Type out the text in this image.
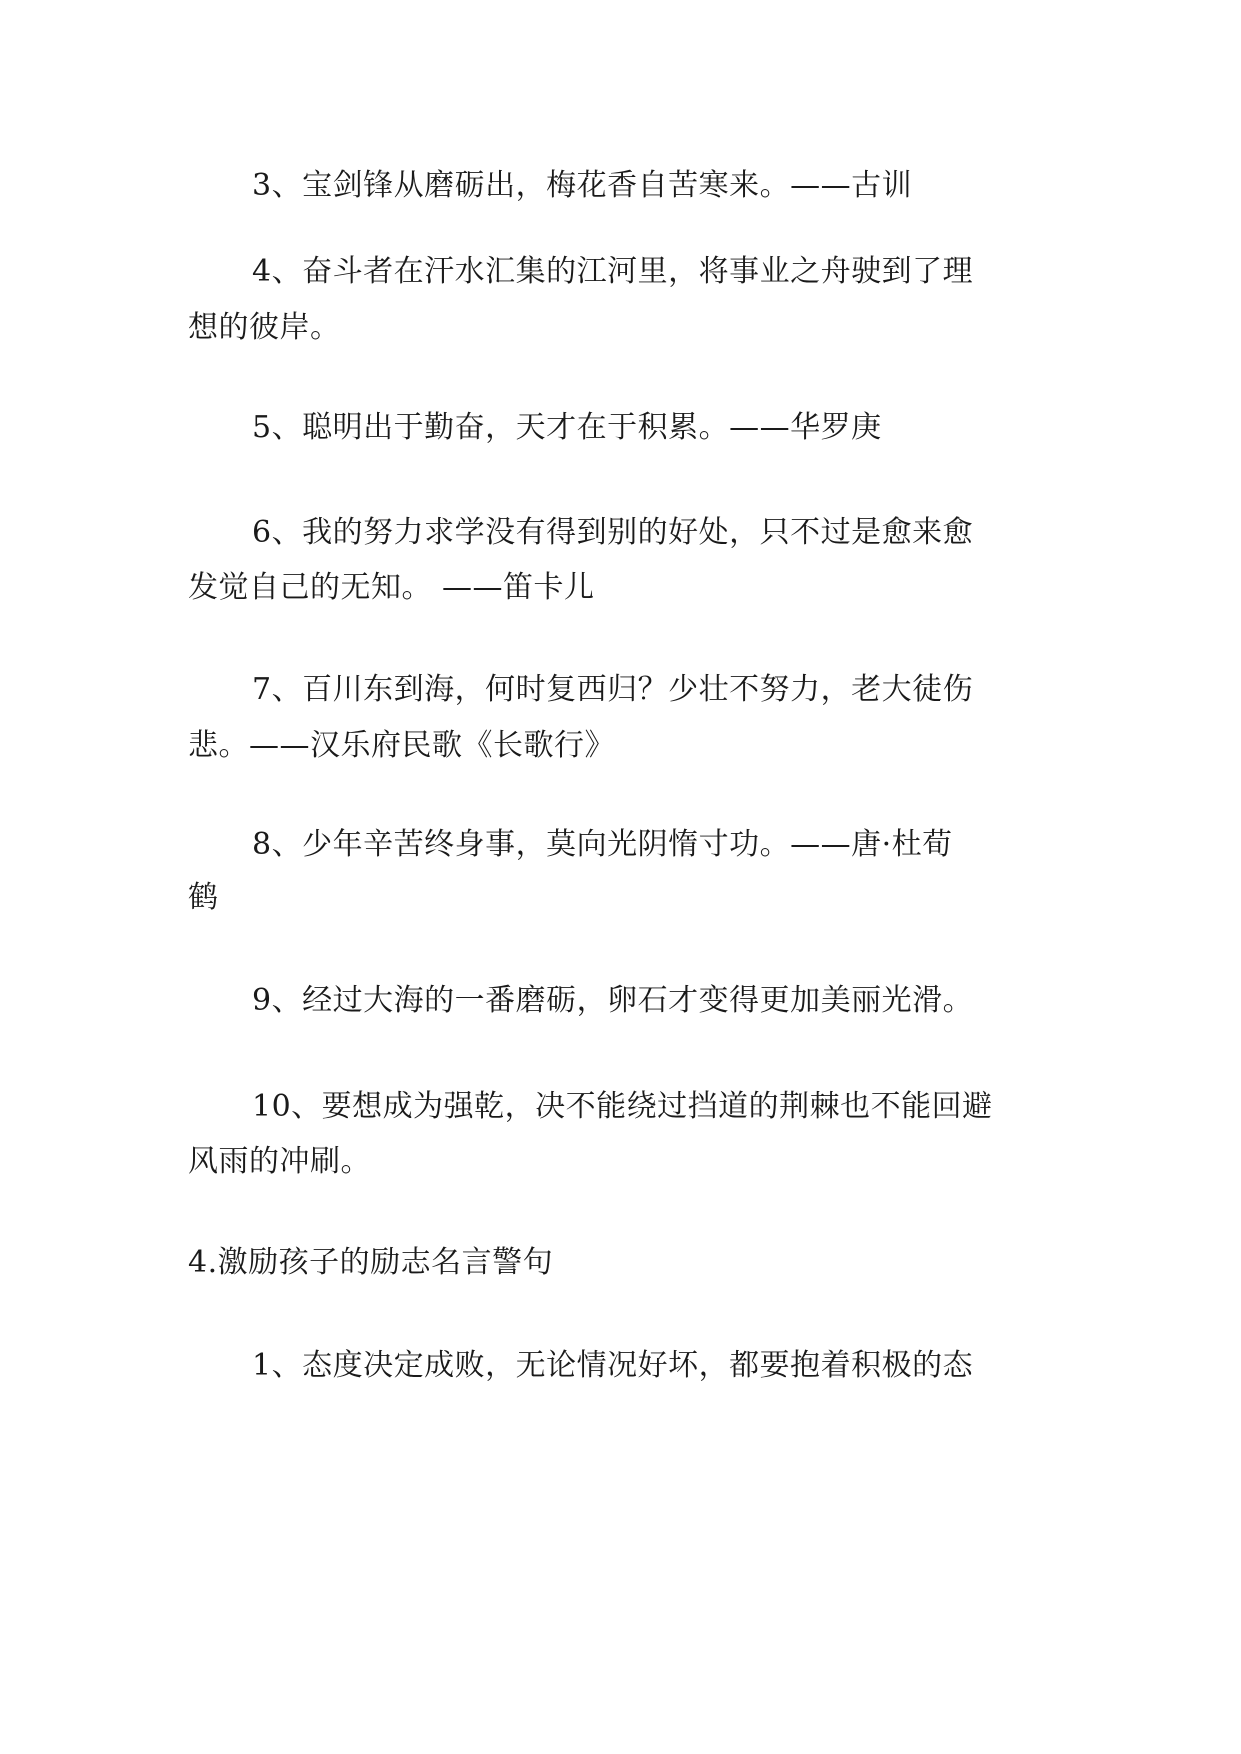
3、宝剑锋从磨砺出，梅花香自苦寒来。——古训
4、奋斗者在汗水汇集的江河里，将事业之舟驶到了理
想的彼岸。
5、聪明出于勤奋，天才在于积累。——华罗庚
6、我的努力求学没有得到别的好处，只不过是愈来愈
发觉自己的无知。 ——笛卡儿
7、百川东到海，何时复西归？少壮不努力，老大徒伤
悲。——汉乐府民歌《长歌行》
8、少年辛苦终身事，莫向光阴惰寸功。——唐·杜荀
鹤
9、经过大海的一番磨砺，卵石才变得更加美丽光滑。
10、要想成为强乾，决不能绕过挡道的荆棘也不能回避
风雨的冲刷。
4.激励孩子的励志名言警句
1、态度决定成败，无论情况好坏，都要抱着积极的态
